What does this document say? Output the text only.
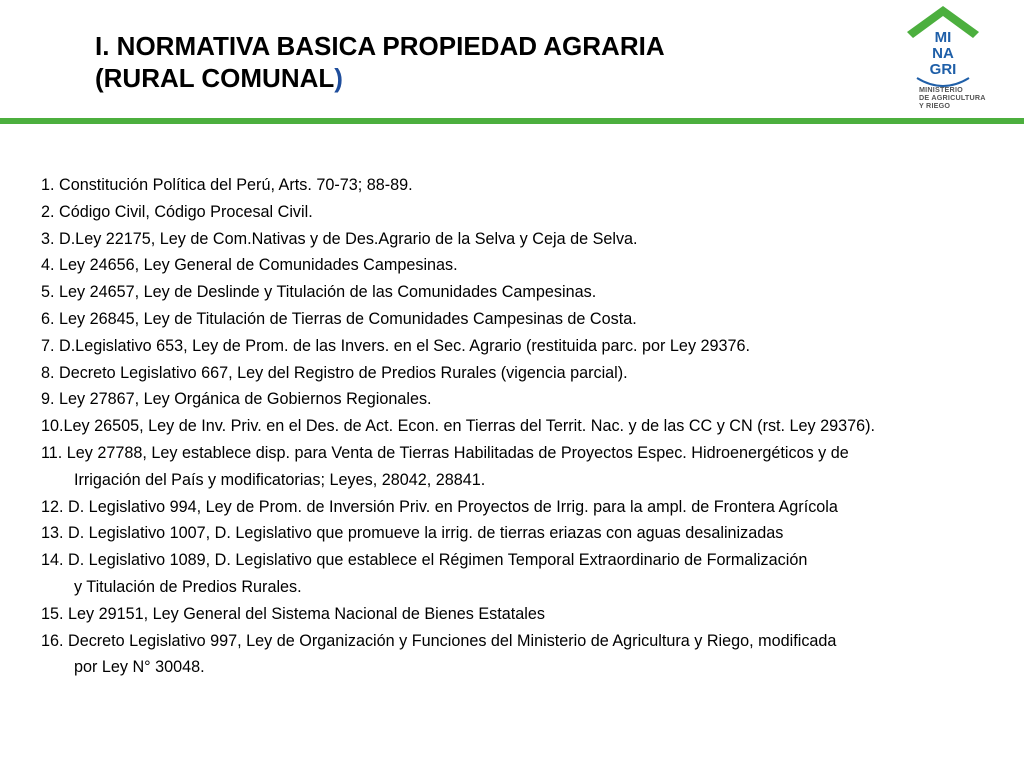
I. NORMATIVA BASICA PROPIEDAD AGRARIA
(RURAL COMUNAL)
MI
NA
GRI
MINISTERIO
DE AGRICULTURA
Y RIEGO
1. Constitución Política del Perú, Arts. 70-73; 88-89.
2. Código Civil, Código Procesal Civil.
3. D.Ley 22175, Ley de Com.Nativas y de Des.Agrario de la Selva y Ceja de Selva.
4. Ley 24656, Ley General de Comunidades Campesinas.
5. Ley 24657, Ley de Deslinde y Titulación de las Comunidades Campesinas.
6. Ley 26845, Ley de Titulación de Tierras de Comunidades Campesinas de Costa.
7. D.Legislativo 653, Ley de Prom. de las Invers. en el Sec. Agrario (restituida parc. por Ley 29376.
8. Decreto Legislativo 667, Ley del Registro de Predios Rurales (vigencia parcial).
9. Ley 27867, Ley Orgánica de Gobiernos Regionales.
10.Ley 26505, Ley de Inv. Priv. en el Des. de Act. Econ. en Tierras del Territ. Nac. y de las CC y CN (rst. Ley 29376).
11. Ley 27788, Ley establece disp. para Venta de Tierras Habilitadas de Proyectos Espec. Hidroenergéticos y de
Irrigación del País y modificatorias; Leyes, 28042, 28841.
12. D. Legislativo 994, Ley de Prom. de Inversión Priv. en Proyectos de Irrig. para la ampl. de Frontera Agrícola
13. D. Legislativo 1007, D. Legislativo que promueve la irrig. de tierras eriazas con aguas desalinizadas
14. D. Legislativo 1089, D. Legislativo que establece el Régimen Temporal Extraordinario de Formalización
y Titulación de Predios Rurales.
15. Ley 29151, Ley General del Sistema Nacional de Bienes Estatales
16. Decreto Legislativo 997, Ley de Organización y Funciones del Ministerio de Agricultura y Riego, modificada
por Ley N° 30048.
